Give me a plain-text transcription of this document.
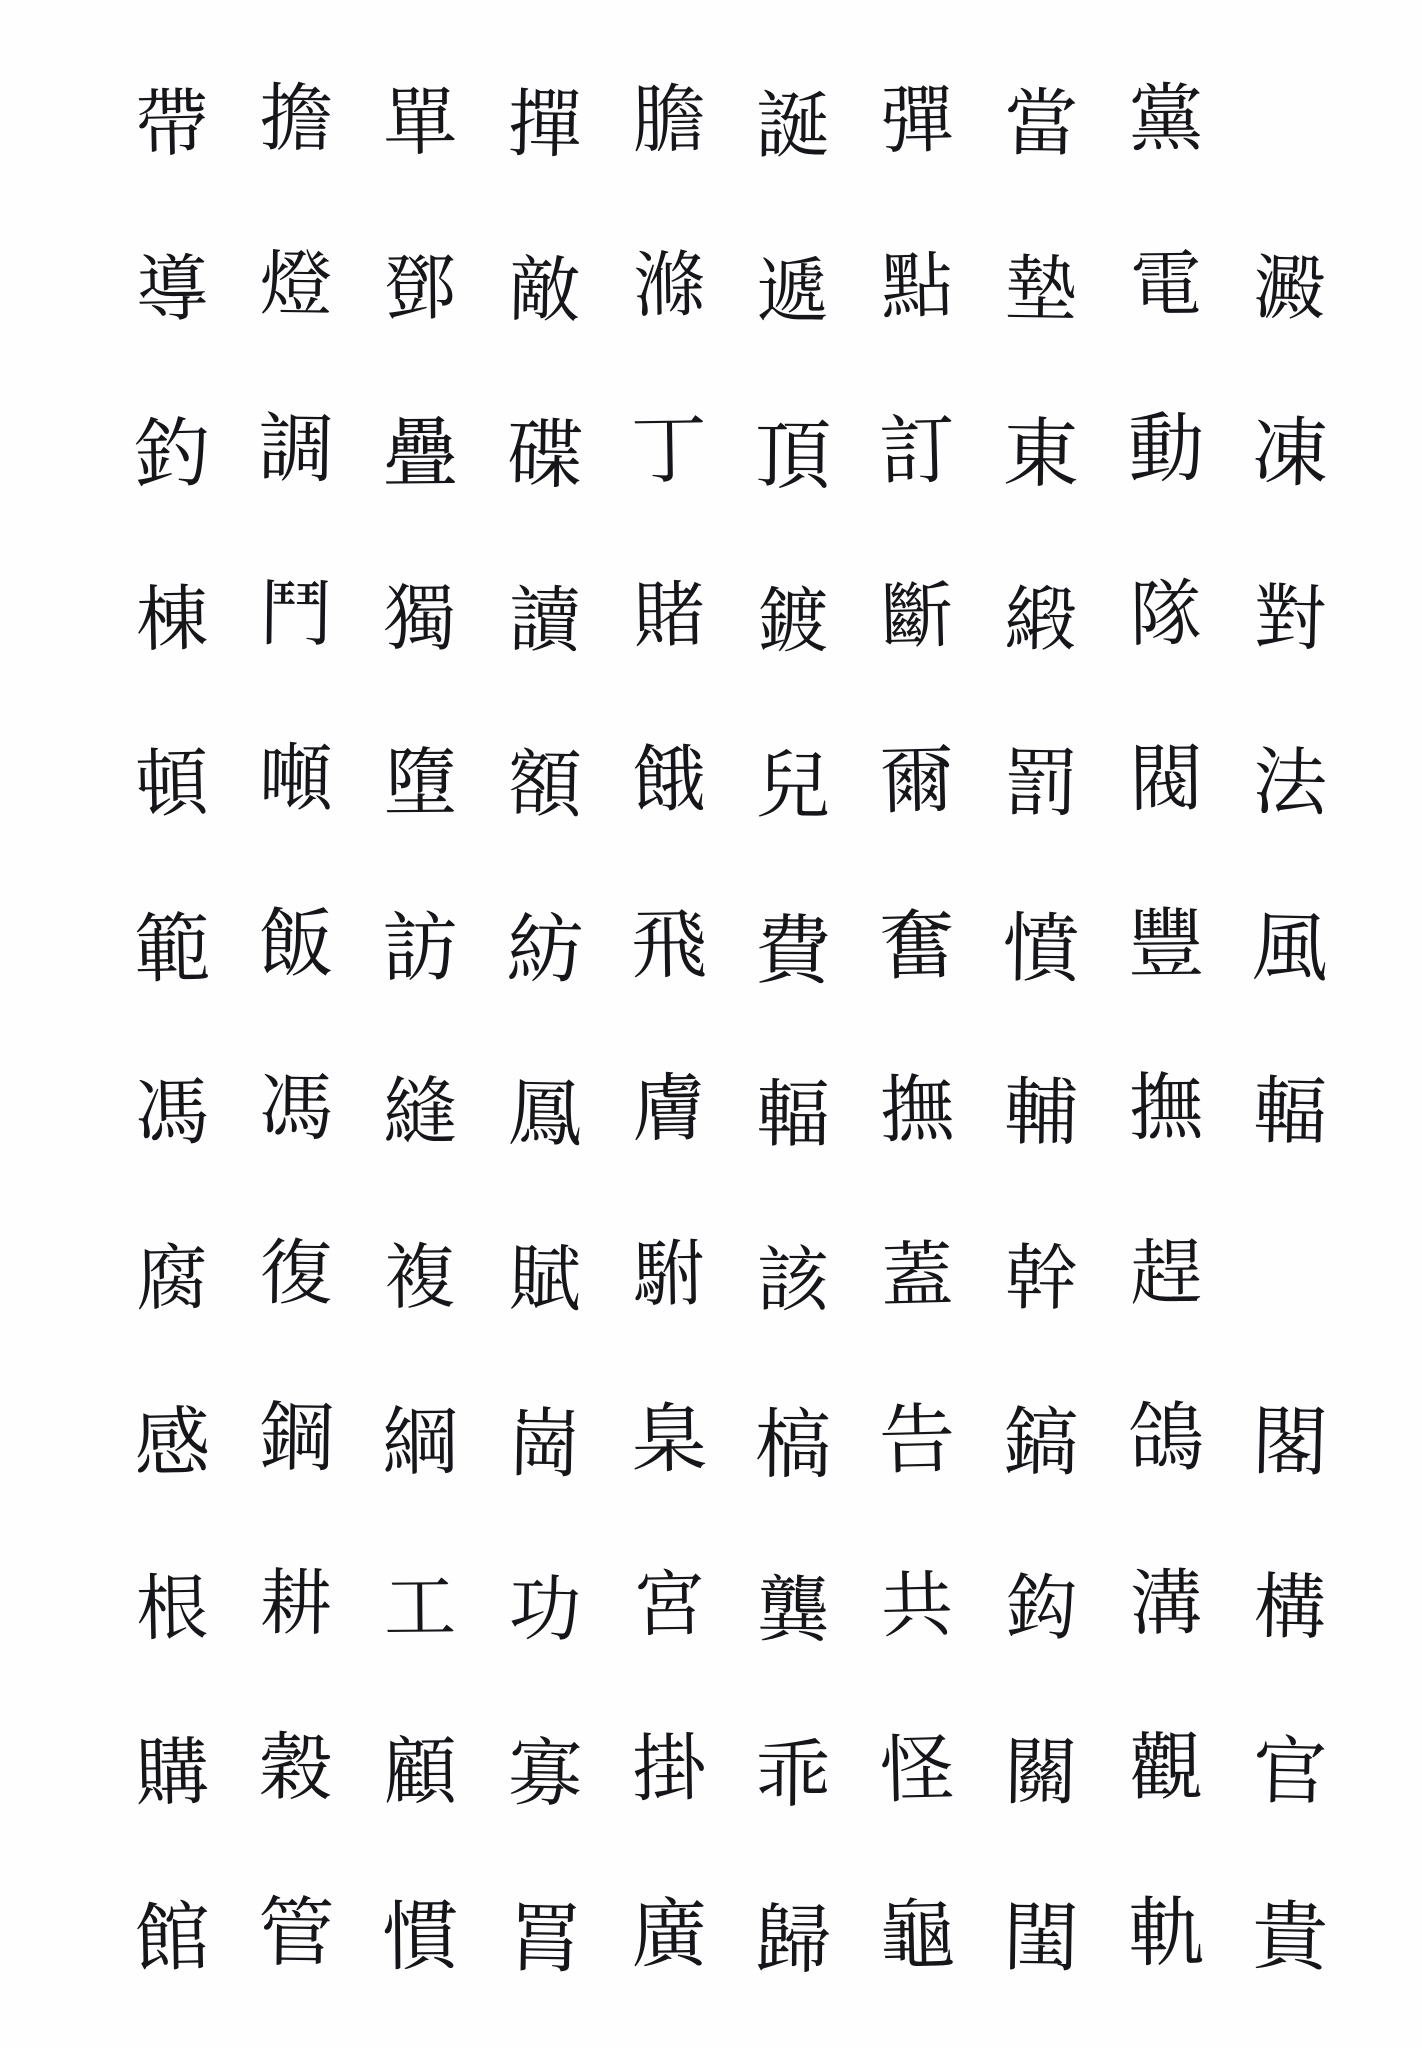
帶 擔 單 撣 膽 誕 彈 當 黨
導 燈 鄧 敵 滌 遞 點 墊 電 澱
釣 調 疊 碟 丁 頂 訂 東 動 凍
棟 鬥 獨 讀 賭 鍍 斷 緞 隊 對
頓 噸 墮 額 餓 兒 爾 罰 閥 法
範 飯 訪 紡 飛 費 奮 憤 豐 風
馮 馮 縫 鳳 膚 輻 撫 輔 撫 輻
腐 復 複 賦 駙 該 蓋 幹 趕
感 鋼 綱 崗 臬 槁 告 鎬 鴿 閣
根 耕 工 功 宮 龔 共 鈎 溝 構
購 穀 顧 寡 掛 乖 怪 關 觀 官
館 管 慣 罥 廣 歸 龜 閨 軌 貴
